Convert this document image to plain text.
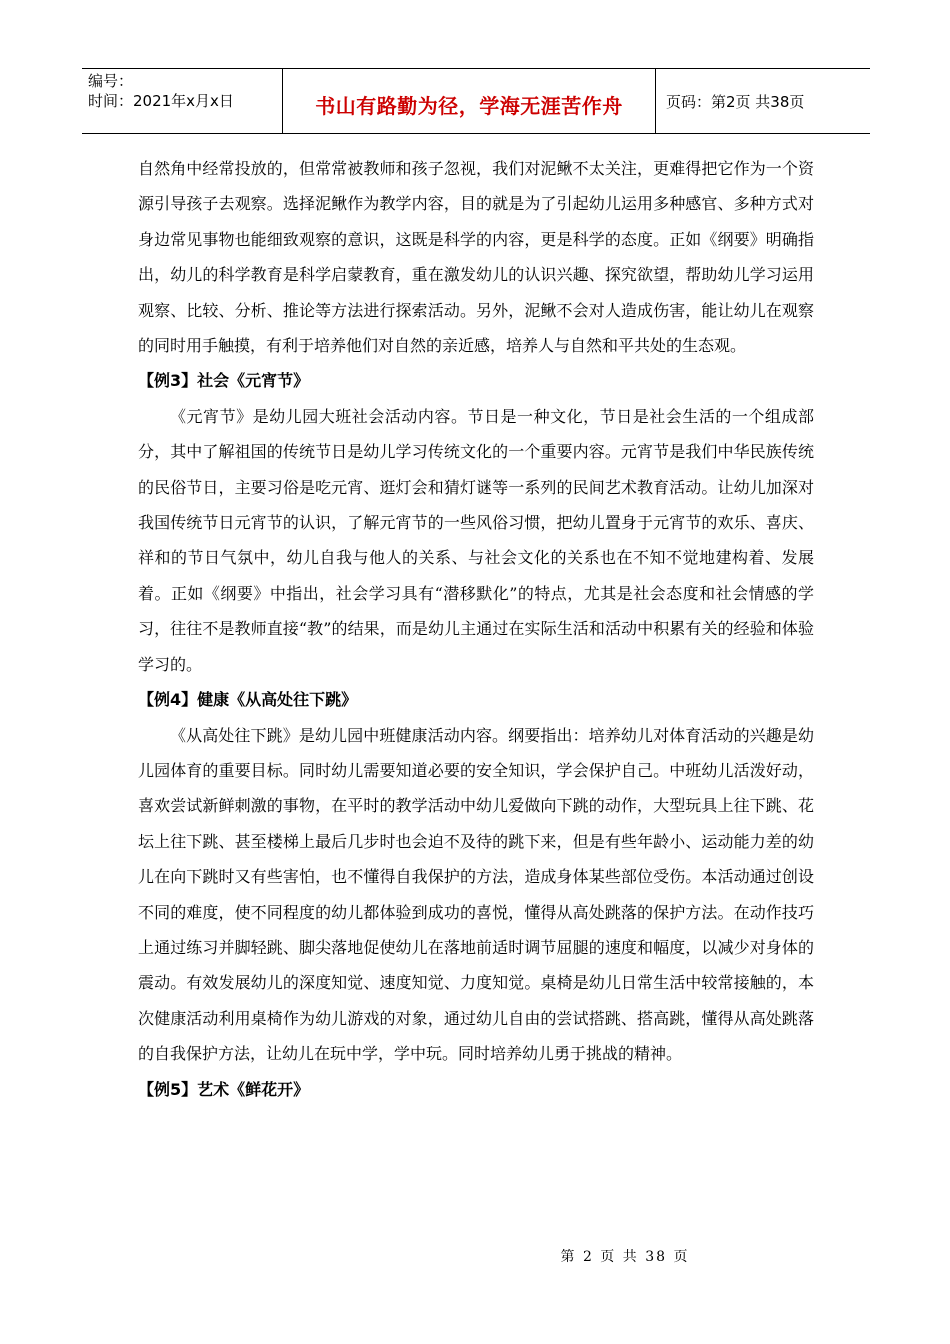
编号：
时间：2021年x月x日	书山有路勤为径，学海无涯苦作舟	页码：第2页 共38页

自然角中经常投放的，但常常被教师和孩子忽视，我们对泥鳅不太关注，更难得把它作为一个资源引导孩子去观察。选择泥鳅作为教学内容，目的就是为了引起幼儿运用多种感官、多种方式对身边常见事物也能细致观察的意识，这既是科学的内容，更是科学的态度。正如《纲要》明确指出，幼儿的科学教育是科学启蒙教育，重在激发幼儿的认识兴趣、探究欲望，帮助幼儿学习运用观察、比较、分析、推论等方法进行探索活动。另外，泥鳅不会对人造成伤害，能让幼儿在观察的同时用手触摸，有利于培养他们对自然的亲近感，培养人与自然和平共处的生态观。

【例3】社会《元宵节》

《元宵节》是幼儿园大班社会活动内容。节日是一种文化，节日是社会生活的一个组成部分，其中了解祖国的传统节日是幼儿学习传统文化的一个重要内容。元宵节是我们中华民族传统的民俗节日，主要习俗是吃元宵、逛灯会和猜灯谜等一系列的民间艺术教育活动。让幼儿加深对我国传统节日元宵节的认识，了解元宵节的一些风俗习惯，把幼儿置身于元宵节的欢乐、喜庆、祥和的节日气氛中，幼儿自我与他人的关系、与社会文化的关系也在不知不觉地建构着、发展着。正如《纲要》中指出，社会学习具有“潜移默化”的特点，尤其是社会态度和社会情感的学习，往往不是教师直接“教”的结果，而是幼儿主通过在实际生活和活动中积累有关的经验和体验学习的。

【例4】健康《从高处往下跳》

《从高处往下跳》是幼儿园中班健康活动内容。纲要指出：培养幼儿对体育活动的兴趣是幼儿园体育的重要目标。同时幼儿需要知道必要的安全知识，学会保护自己。中班幼儿活泼好动，喜欢尝试新鲜刺激的事物，在平时的教学活动中幼儿爱做向下跳的动作，大型玩具上往下跳、花坛上往下跳、甚至楼梯上最后几步时也会迫不及待的跳下来，但是有些年龄小、运动能力差的幼儿在向下跳时又有些害怕，也不懂得自我保护的方法，造成身体某些部位受伤。本活动通过创设不同的难度，使不同程度的幼儿都体验到成功的喜悦，懂得从高处跳落的保护方法。在动作技巧上通过练习并脚轻跳、脚尖落地促使幼儿在落地前适时调节屈腿的速度和幅度，以减少对身体的震动。有效发展幼儿的深度知觉、速度知觉、力度知觉。桌椅是幼儿日常生活中较常接触的，本次健康活动利用桌椅作为幼儿游戏的对象，通过幼儿自由的尝试搭跳、搭高跳，懂得从高处跳落的自我保护方法，让幼儿在玩中学，学中玩。同时培养幼儿勇于挑战的精神。

【例5】艺术《鲜花开》

第 2 页 共 38 页
